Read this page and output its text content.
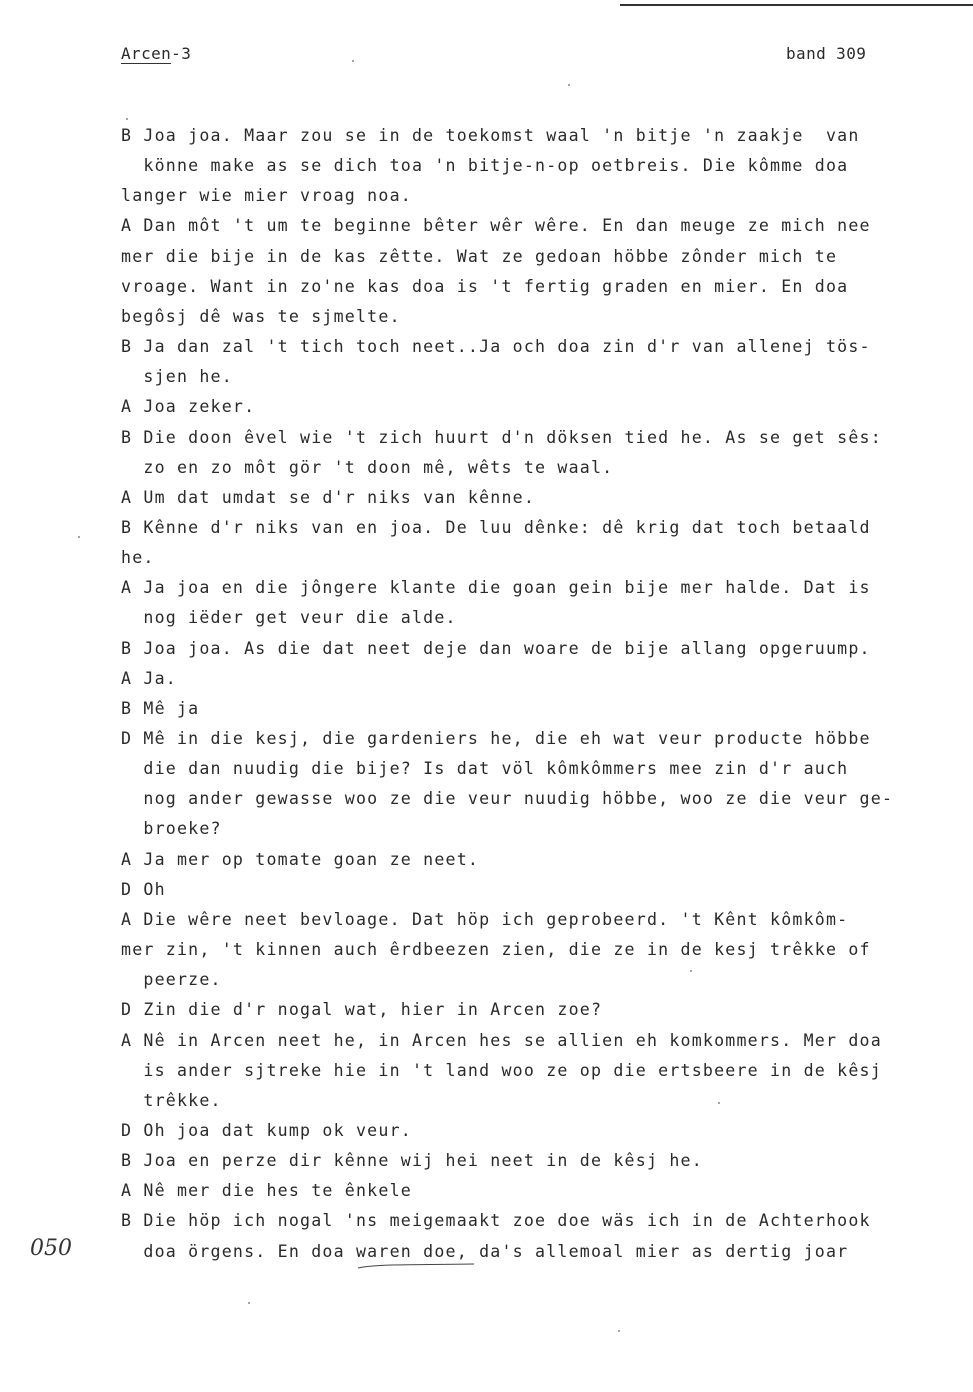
Arcen-3	band 309
B Joa joa. Maar zou se in de toekomst waal 'n bitje 'n zaakje  van
könne make as se dich toa 'n bitje-n-op oetbreis. Die kômme doa
langer wie mier vroag noa.
A Dan môt 't um te beginne bêter wêr wêre. En dan meuge ze mich nee
mer die bije in de kas zêtte. Wat ze gedoan höbbe zônder mich te
vroage. Want in zo'ne kas doa is 't fertig graden en mier. En doa
begôsj dê was te sjmelte.
B Ja dan zal 't tich toch neet..Ja och doa zin d'r van allenej tös-
sjen he.
A Joa zeker.
B Die doon êvel wie 't zich huurt d'n döksen tied he. As se get sês:
zo en zo môt gör 't doon mê, wêts te waal.
A Um dat umdat se d'r niks van kênne.
B Kênne d'r niks van en joa. De luu dênke: dê krig dat toch betaald
he.
A Ja joa en die jôngere klante die goan gein bije mer halde. Dat is
nog iëder get veur die alde.
B Joa joa. As die dat neet deje dan woare de bije allang opgeruump.
A Ja.
B Mê ja
D Mê in die kesj, die gardeniers he, die eh wat veur producte höbbe
die dan nuudig die bije? Is dat völ kômkômmers mee zin d'r auch
nog ander gewasse woo ze die veur nuudig höbbe, woo ze die veur ge-
broeke?
A Ja mer op tomate goan ze neet.
D Oh
A Die wêre neet bevloage. Dat höp ich geprobeerd. 't Kênt kômkôm-
mer zin, 't kinnen auch êrdbeezen zien, die ze in de kesj trêkke of
peerze.
D Zin die d'r nogal wat, hier in Arcen zoe?
A Nê in Arcen neet he, in Arcen hes se allien eh komkommers. Mer doa
is ander sjtreke hie in 't land woo ze op die ertsbeere in de kêsj
trêkke.
D Oh joa dat kump ok veur.
B Joa en perze dir kênne wij hei neet in de kêsj he.
A Nê mer die hes te ênkele
B Die höp ich nogal 'ns meigemaakt zoe doe wäs ich in de Achterhook
doa örgens. En doa waren doe, da's allemoal mier as dertig joar
050
